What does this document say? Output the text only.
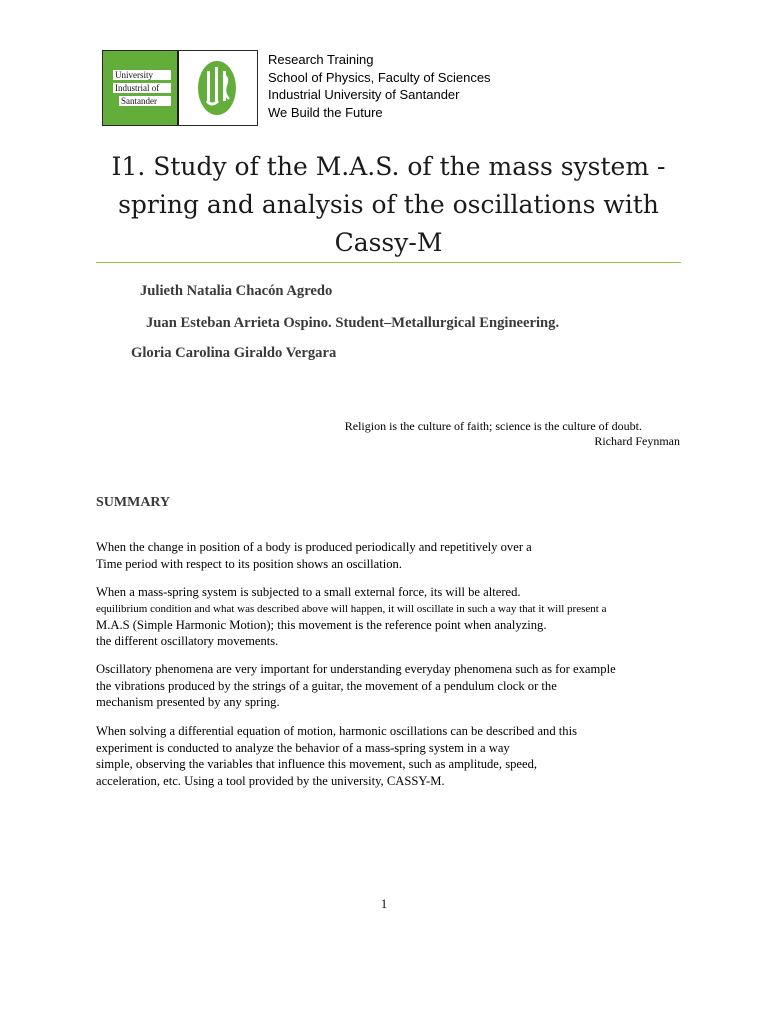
University
Industrial of
Santander
Research Training
School of Physics, Faculty of Sciences
Industrial University of Santander
We Build the Future
I1. Study of the M.A.S. of the mass system -
spring and analysis of the oscillations with
Cassy-M
Julieth Natalia Chacón Agredo
Juan Esteban Arrieta Ospino. Student–Metallurgical Engineering.
Gloria Carolina Giraldo Vergara
Religion is the culture of faith; science is the culture of doubt.
Richard Feynman
SUMMARY
When the change in position of a body is produced periodically and repetitively over a
Time period with respect to its position shows an oscillation.
When a mass-spring system is subjected to a small external force, its will be altered.
equilibrium condition and what was described above will happen, it will oscillate in such a way that it will present a
M.A.S (Simple Harmonic Motion); this movement is the reference point when analyzing.
the different oscillatory movements.
Oscillatory phenomena are very important for understanding everyday phenomena such as for example
the vibrations produced by the strings of a guitar, the movement of a pendulum clock or the
mechanism presented by any spring.
When solving a differential equation of motion, harmonic oscillations can be described and this
experiment is conducted to analyze the behavior of a mass-spring system in a way
simple, observing the variables that influence this movement, such as amplitude, speed,
acceleration, etc. Using a tool provided by the university, CASSY-M.
1
